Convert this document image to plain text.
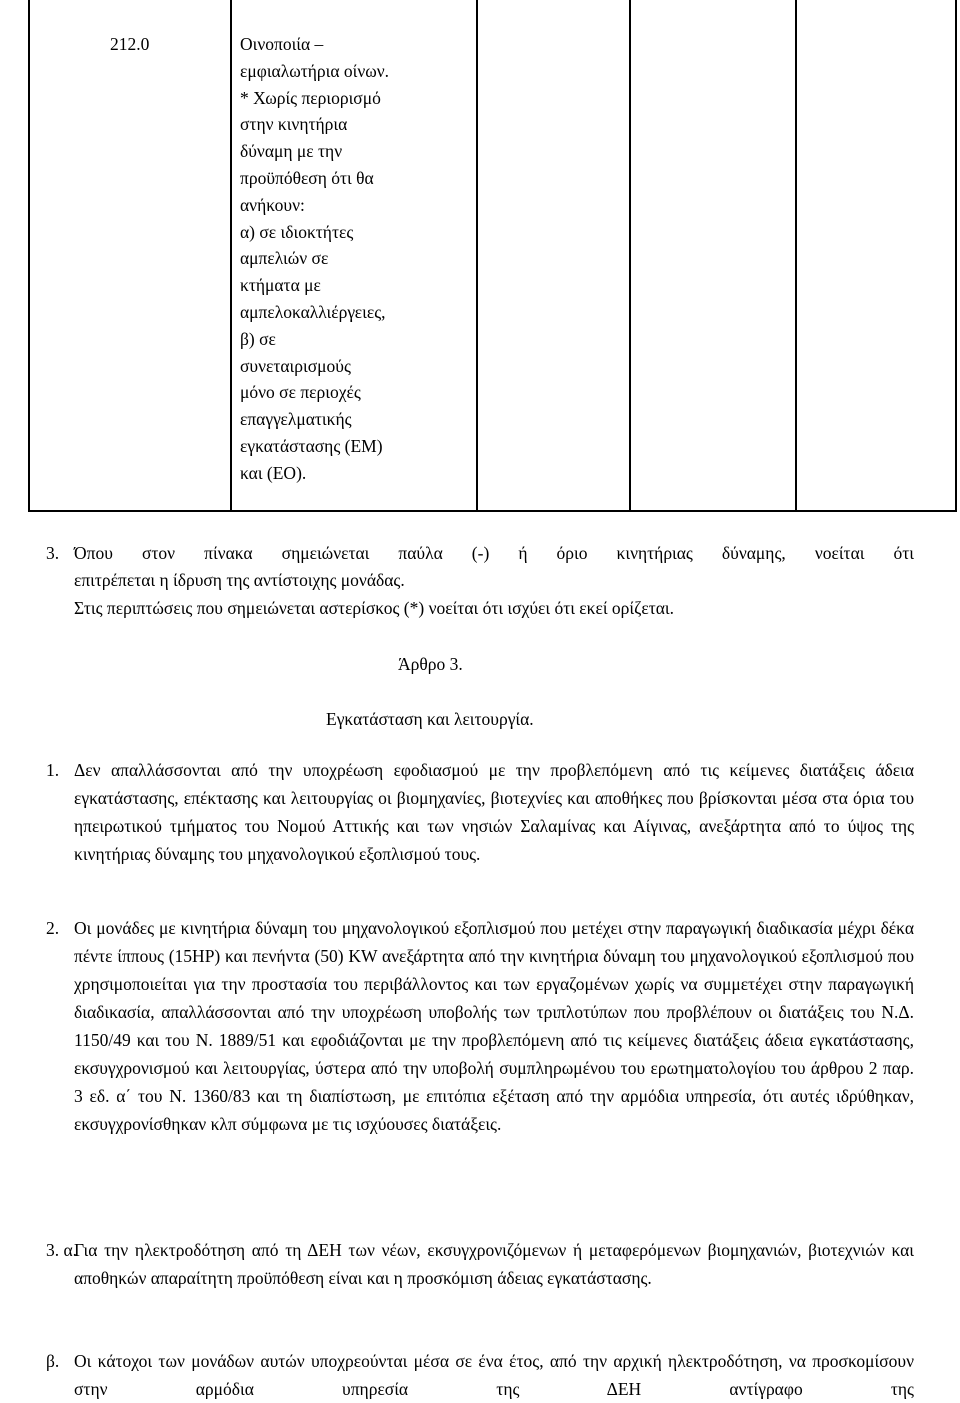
212.0	Οινοποιία –
εμφιαλωτήρια οίνων.
* Χωρίς περιορισμό
στην κινητήρια
δύναμη με την
προϋπόθεση ότι θα
ανήκουν:
α) σε ιδιοκτήτες
αμπελιών σε
κτήματα με
αμπελοκαλλιέργειες,
β) σε
συνεταιρισμούς
μόνο σε περιοχές
επαγγελματικής
εγκατάστασης (ΕΜ)
και (ΕΟ).
3. Όπου στον πίνακα σημειώνεται παύλα (-) ή όριο κινητήριας δύναμης, νοείται ότι
επιτρέπεται η ίδρυση της αντίστοιχης μονάδας.
Στις περιπτώσεις που σημειώνεται αστερίσκος (*) νοείται ότι ισχύει ότι εκεί ορίζεται.
Άρθρο 3.
Εγκατάσταση και λειτουργία.
1. Δεν απαλλάσσονται από την υποχρέωση εφοδιασμού με την προβλεπόμενη από τις κείμενες διατάξεις άδεια εγκατάστασης, επέκτασης και λειτουργίας οι βιομηχανίες, βιοτεχνίες και αποθήκες που βρίσκονται μέσα στα όρια του ηπειρωτικού τμήματος του Νομού Αττικής και των νησιών Σαλαμίνας και Αίγινας, ανεξάρτητα από το ύψος της κινητήριας δύναμης του μηχανολογικού εξοπλισμού τους.
2. Οι μονάδες με κινητήρια δύναμη του μηχανολογικού εξοπλισμού που μετέχει στην παραγωγική διαδικασία μέχρι δέκα πέντε ίππους (15HP) και πενήντα (50) KW ανεξάρτητα από την κινητήρια δύναμη του μηχανολογικού εξοπλισμού που χρησιμοποιείται για την προστασία του περιβάλλοντος και των εργαζομένων χωρίς να συμμετέχει στην παραγωγική διαδικασία, απαλλάσσονται από την υποχρέωση υποβολής των τριπλοτύπων που προβλέπουν οι διατάξεις του Ν.Δ. 1150/49 και του Ν. 1889/51 και εφοδιάζονται με την προβλεπόμενη από τις κείμενες διατάξεις άδεια εγκατάστασης, εκσυγχρονισμού και λειτουργίας, ύστερα από την υποβολή συμπληρωμένου του ερωτηματολογίου του άρθρου 2 παρ. 3 εδ. α΄ του Ν. 1360/83 και τη διαπίστωση, με επιτόπια εξέταση από την αρμόδια υπηρεσία, ότι αυτές ιδρύθηκαν, εκσυγχρονίσθηκαν κλπ σύμφωνα με τις ισχύουσες διατάξεις.
3. α.
Για την ηλεκτροδότηση από τη ΔΕΗ των νέων, εκσυγχρονιζόμενων ή μεταφερόμενων βιομηχανιών, βιοτεχνιών και αποθηκών απαραίτητη προϋπόθεση είναι και η προσκόμιση άδειας εγκατάστασης.
β. Οι κάτοχοι των μονάδων αυτών υποχρεούνται μέσα σε ένα έτος, από την αρχική ηλεκτροδότηση, να προσκομίσουν στην αρμόδια υπηρεσία της ΔΕΗ αντίγραφο της
